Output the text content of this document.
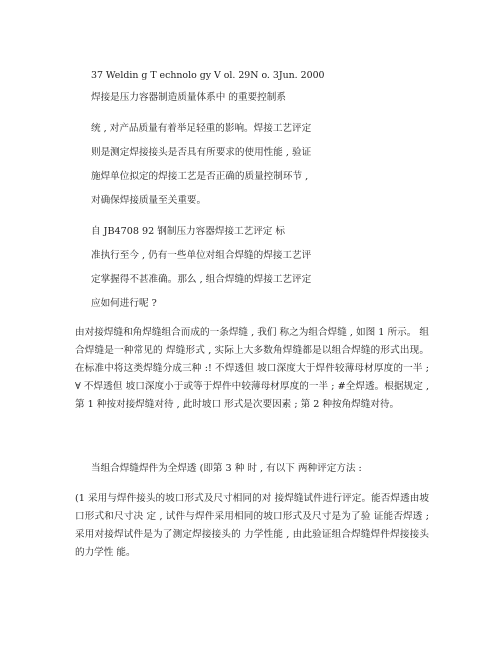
37 Weldin g T echnolo gy V ol. 29N o. 3Jun. 2000
焊接是压力容器制造质量体系中 的重要控制系
统 , 对产品质量有着举足轻重的影响。焊接工艺评定
则是测定焊接接头是否具有所要求的使用性能 , 验证
施焊单位拟定的焊接工艺是否正确的质量控制环节 ,
对确保焊接质量至关重要。
自 JB4708 92 钢制压力容器焊接工艺评定 标
准执行至今 , 仍有一些单位对组合焊缝的焊接工艺评
定掌握得不甚准确。那么 , 组合焊缝的焊接工艺评定
应如何进行呢 ?
由对接焊缝和角焊缝组合而成的一条焊缝 , 我们 称之为组合焊缝 , 如图 1 所示。 组合焊缝是一种常见的 焊缝形式 , 实际上大多数角焊缝都是以组合焊缝的形式出现。在标准中将这类焊缝分成三种 :! 不焊透但 坡口深度大于焊件较薄母材厚度的一半 ; ∀ 不焊透但 坡口深度小于或等于焊件中较薄母材厚度的一半 ; #全焊透。根据规定 , 第 1 种按对接焊缝对待 , 此时坡口 形式是次要因素 ; 第 2 种按角焊缝对待。
当组合焊缝焊件为全焊透 (即第 3 种 时 , 有以下 两种评定方法 :
(1 采用与焊件接头的坡口形式及尺寸相同的对 接焊缝试件进行评定。能否焊透由坡口形式和尺寸决 定 , 试件与焊件采用相同的坡口形式及尺寸是为了验 证能否焊透 ; 采用对接焊试件是为了测定焊接接头的 力学性能 , 由此验证组合焊缝焊件焊接接头的力学性 能。
